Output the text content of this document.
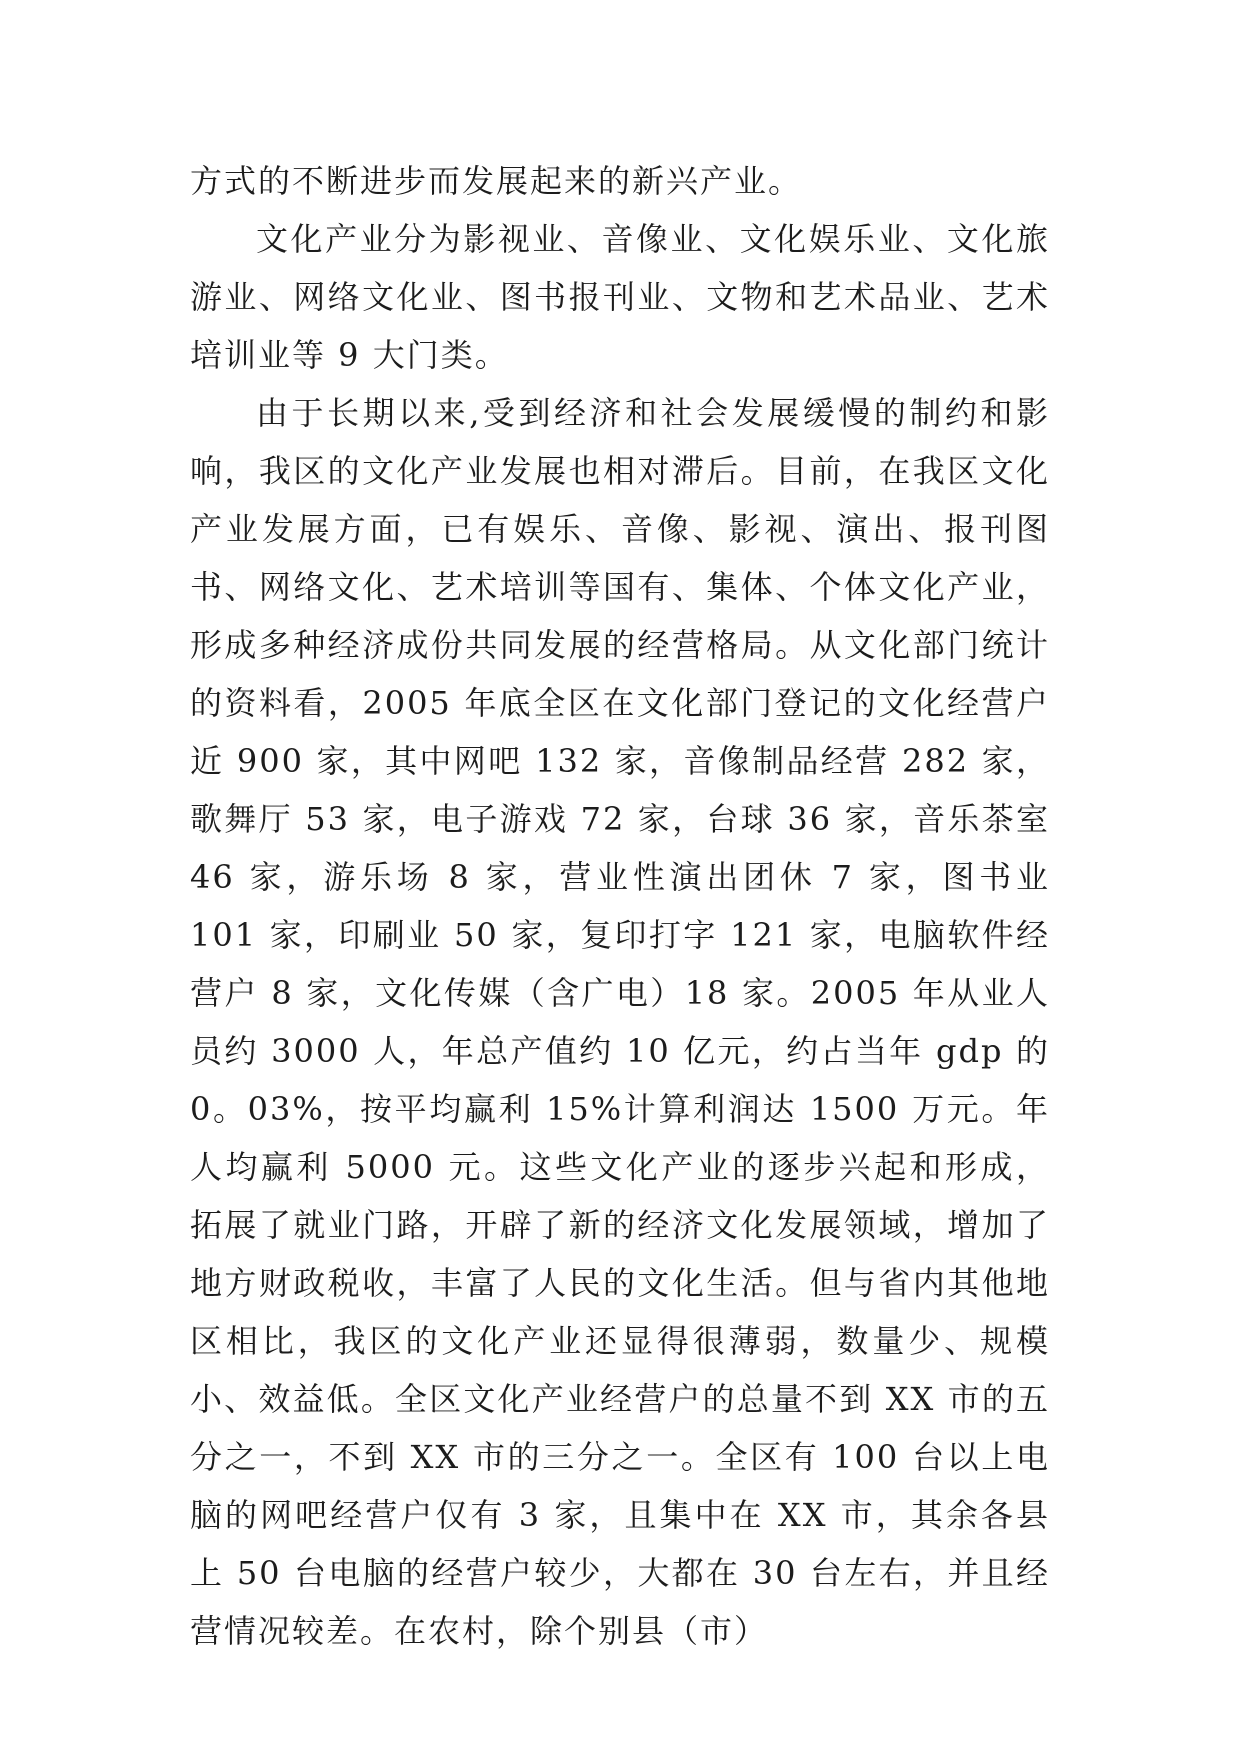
方式的不断进步而发展起来的新兴产业。

文化产业分为影视业、音像业、文化娱乐业、文化旅游业、网络文化业、图书报刊业、文物和艺术品业、艺术培训业等 9 大门类。

由于长期以来,受到经济和社会发展缓慢的制约和影响，我区的文化产业发展也相对滞后。目前，在我区文化产业发展方面，已有娱乐、音像、影视、演出、报刊图书、网络文化、艺术培训等国有、集体、个体文化产业，形成多种经济成份共同发展的经营格局。从文化部门统计的资料看，2005 年底全区在文化部门登记的文化经营户近 900 家，其中网吧 132 家，音像制品经营 282 家，歌舞厅 53 家，电子游戏 72 家，台球 36 家，音乐茶室 46 家，游乐场 8 家，营业性演出团休 7 家，图书业 101 家，印刷业 50 家，复印打字 121 家，电脑软件经营户 8 家，文化传媒（含广电）18 家。2005 年从业人员约 3000 人，年总产值约 10 亿元，约占当年 gdp 的 0。03%，按平均赢利 15%计算利润达 1500 万元。年人均赢利 5000 元。这些文化产业的逐步兴起和形成，拓展了就业门路，开辟了新的经济文化发展领域，增加了地方财政税收，丰富了人民的文化生活。但与省内其他地区相比，我区的文化产业还显得很薄弱，数量少、规模小、效益低。全区文化产业经营户的总量不到 XX 市的五分之一，不到 XX 市的三分之一。全区有 100 台以上电脑的网吧经营户仅有 3 家，且集中在 XX 市，其余各县上 50 台电脑的经营户较少，大都在 30 台左右，并且经营情况较差。在农村，除个别县（市）
